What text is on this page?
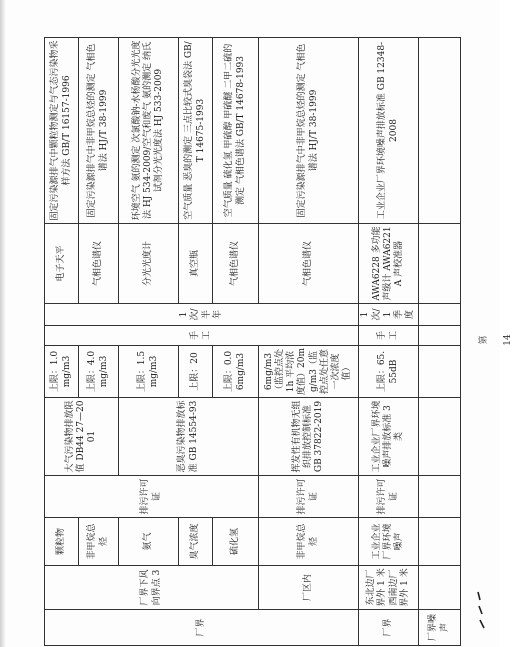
厂界	厂界下风向界点 3	颗粒物	排污许可证	大气污染物排放限值 DB44 27—2001	上限：1.0mg/m3	手工	1 次/半年	电子天平	固定污染源排气中颗粒物测定与气态污染物采样方法 GB/T 16157-1996
		非甲烷总烃			上限：4.0mg/m3			气相色谱仪	固定污染源排气中非甲烷总烃的测定 气相色谱法 HJ/T 38-1999
		氨气		恶臭污染物排放标准 GB 14554-93	上限：1.5mg/m3			分光光度计	环境空气 氨的测定 次氯酸钠-水杨酸分光光度法 HJ 534-2009/空气和废气 氨的测定 纳氏试剂分光光度法 HJ 533-2009
		臭气浓度			上限：20			真空瓶	空气质量 恶臭的测定 三点比较式臭袋法 GB/T 14675-1993
		硫化氢			上限：0.06mg/m3			气相色谱仪	空气质量 硫化氢 甲硫醇 甲硫醚 二甲二硫的测定 气相色谱法 GB/T 14678-1993
	厂区内	非甲烷总烃	排污许可证	挥发性有机物无组织排放控制标准 GB 37822-2019	6mg/m3（监控点处 1h 平均浓度值）20mg/m3（监控点处任意一次浓度值）			气相色谱仪	固定污染源排气中非甲烷总烃的测定 气相色谱法 HJ/T 38-1999
厂界	东北边厂界外 1 米 西南边厂界外 1 米	工业企业厂界环境噪声	排污许可证	工业企业厂界环境噪声排放标准 3 类	上限：65.55dB	手工	1 次/1 季度	AWA6228 多功能声级计 AWA6221A 声校准器	工业企业厂界环境噪声排放标准 GB 12348-2008
厂界噪声									
第 14
